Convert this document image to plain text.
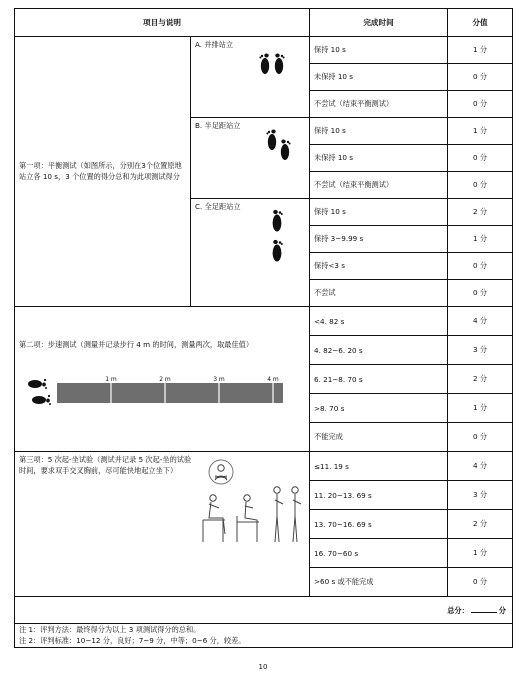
项目与说明		完成时间	分值
第一项：平衡测试（如图所示，分别在3个位置原地站立各 10 s，3 个位置的得分总和为此项测试得分	A. 并排站立	保持 10 s	1 分
		未保持 10 s	0 分
		不尝试（结束平衡测试）	0 分

	B. 半足距站立	保持 10 s	1 分
		未保持 10 s	0 分
		不尝试（结束平衡测试）	0 分

	C. 全足距站立	保持 10 s	2 分
		保持 3~9.99 s	1 分
		保持<3 s	0 分
		不尝试	0 分

第二项：步速测试（测量并记录步行 4 m 的时间，测量两次，取最佳值）
1 m 2 m 3 m 4 m		<4. 82 s	4 分
		4. 82~6. 20 s	3 分
		6. 21~8. 70 s	2 分
		>8. 70 s	1 分
		不能完成	0 分

第三项：5 次起-坐试验（测试并记录 5 次起-坐的试验时间，要求双手交叉胸前，尽可能快地起立坐下）		≤11. 19 s	4 分
		11. 20~13. 69 s	3 分
		13. 70~16. 69 s	2 分
		16. 70~60 s	1 分
		>60 s 或不能完成	0 分
总分： 分			

注 1：评判方法：最终得分为以上 3 项测试得分的总和。
注 2：评判标准：10~12 分，良好；7~9 分，中等；0~6 分，较差。			
10
